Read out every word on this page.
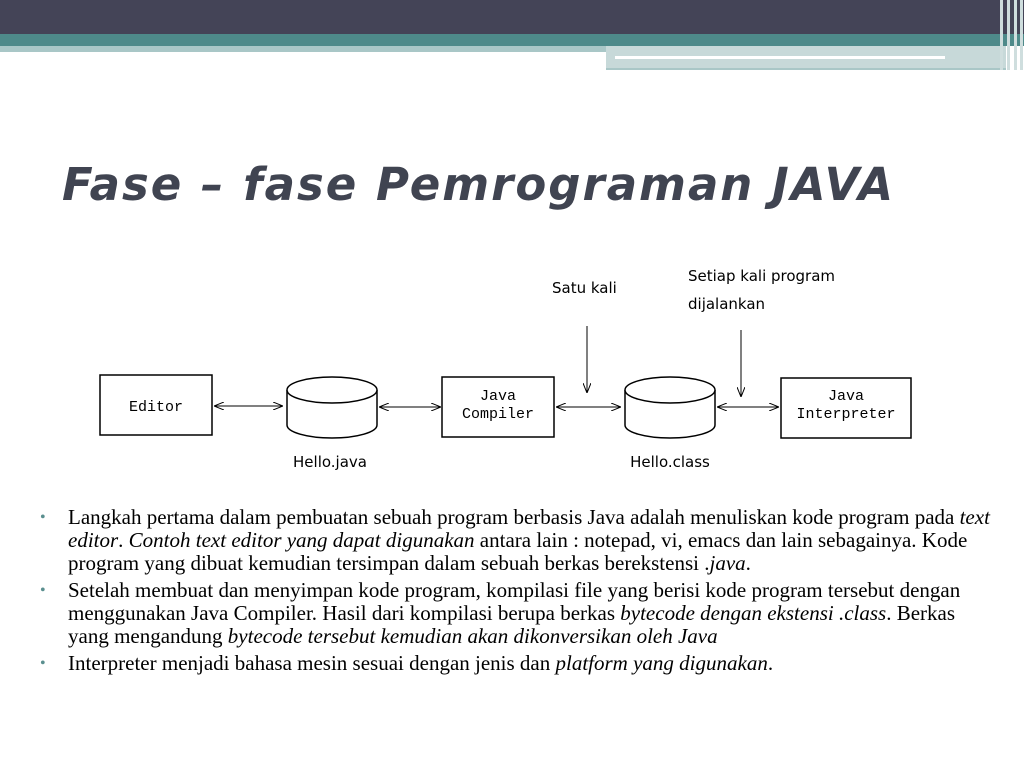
Fase – fase Pemrograman JAVA
Editor
Hello.java
Java
Compiler
Hello.class
Java
Interpreter
Satu kali
Setiap kali program
dijalankan
• Langkah pertama dalam pembuatan sebuah program berbasis Java adalah menuliskan kode program pada text editor. Contoh text editor yang dapat digunakan antara lain : notepad, vi, emacs dan lain sebagainya. Kode program yang dibuat kemudian tersimpan dalam sebuah berkas berekstensi .java.
• Setelah membuat dan menyimpan kode program, kompilasi file yang berisi kode program tersebut dengan menggunakan Java Compiler. Hasil dari kompilasi berupa berkas bytecode dengan ekstensi .class. Berkas yang mengandung bytecode tersebut kemudian akan dikonversikan oleh Java
• Interpreter menjadi bahasa mesin sesuai dengan jenis dan platform yang digunakan.
